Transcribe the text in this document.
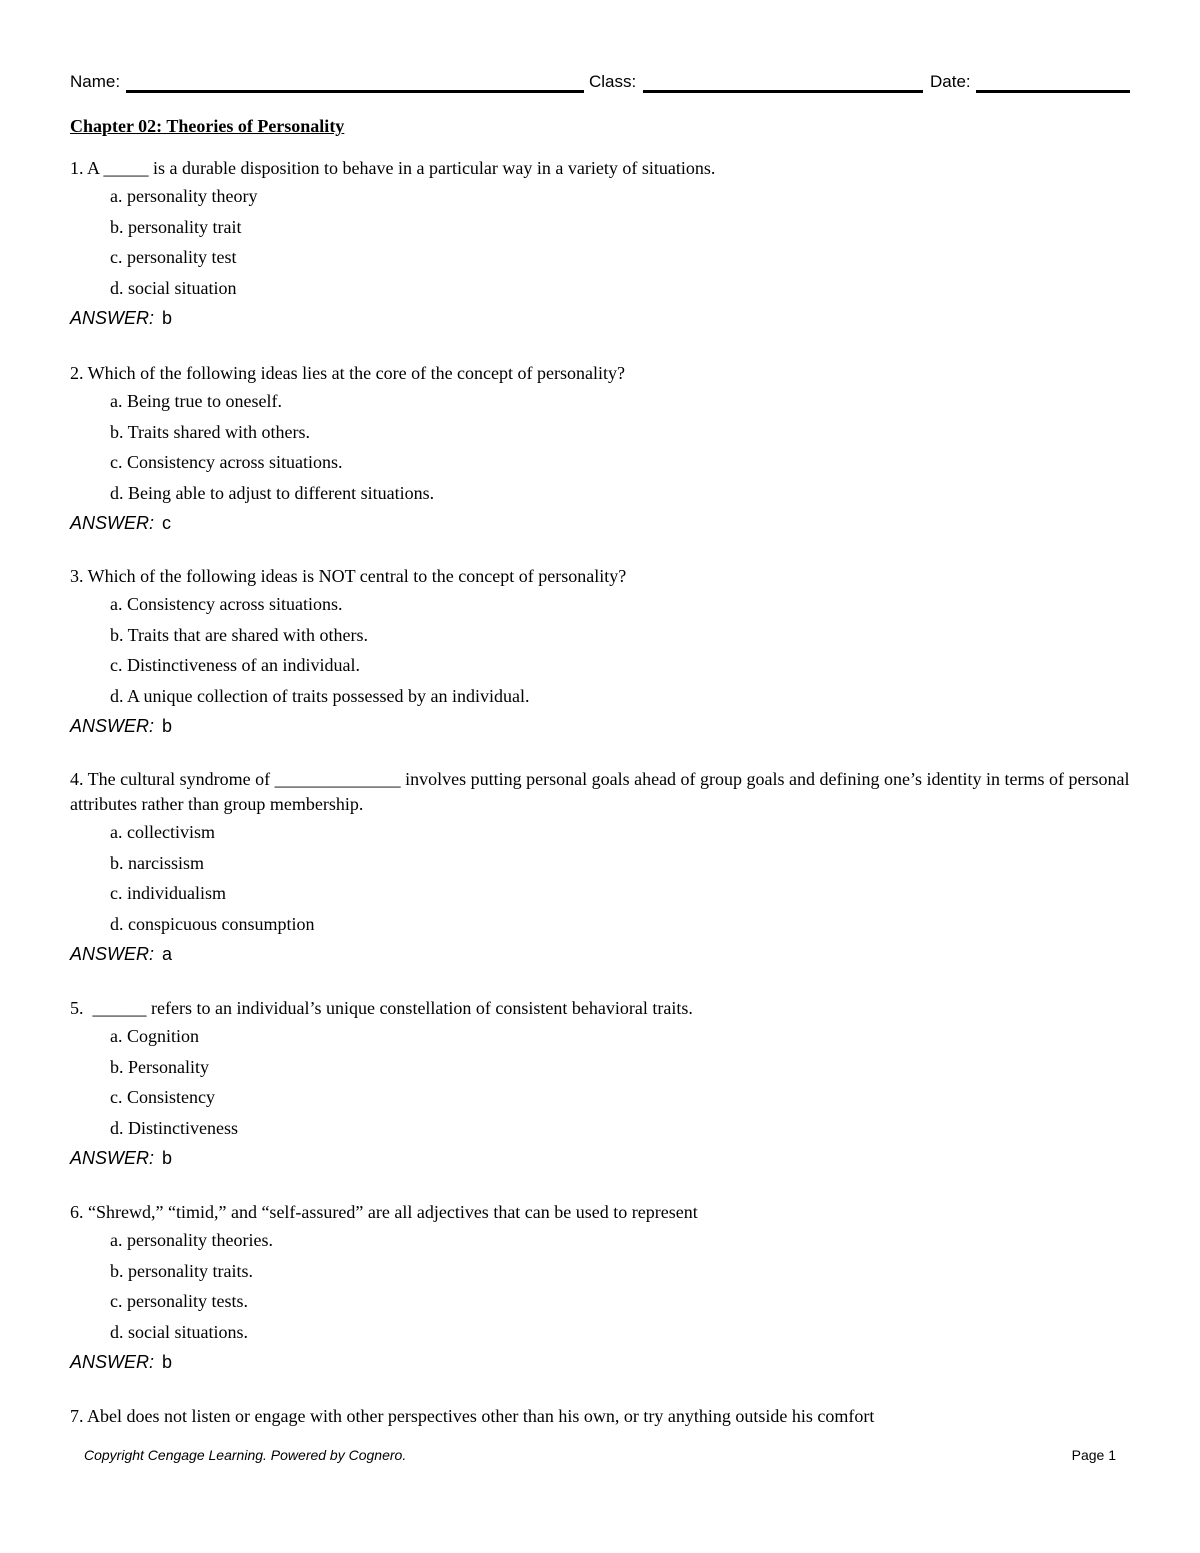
Name:	Class:	Date:
Chapter 02: Theories of Personality

1. A _____ is a durable disposition to behave in a particular way in a variety of situations.

a. personality theory

b. personality trait

c. personality test

d. social situation

ANSWER: b

2. Which of the following ideas lies at the core of the concept of personality?

a. Being true to oneself.

b. Traits shared with others.

c. Consistency across situations.

d. Being able to adjust to different situations.

ANSWER: c

3. Which of the following ideas is NOT central to the concept of personality?

a. Consistency across situations.

b. Traits that are shared with others.

c. Distinctiveness of an individual.

d. A unique collection of traits possessed by an individual.

ANSWER: b

4. The cultural syndrome of ______________ involves putting personal goals ahead of group goals and defining one’s identity in terms of personal attributes rather than group membership.

a. collectivism

b. narcissism

c. individualism

d. conspicuous consumption

ANSWER: a

5.  ______ refers to an individual’s unique constellation of consistent behavioral traits.

a. Cognition

b. Personality

c. Consistency

d. Distinctiveness

ANSWER: b

6. “Shrewd,” “timid,” and “self-assured” are all adjectives that can be used to represent

a. personality theories.

b. personality traits.

c. personality tests.

d. social situations.

ANSWER: b

7. Abel does not listen or engage with other perspectives other than his own, or try anything outside his comfort

Copyright Cengage Learning. Powered by Cognero.	Page 1
